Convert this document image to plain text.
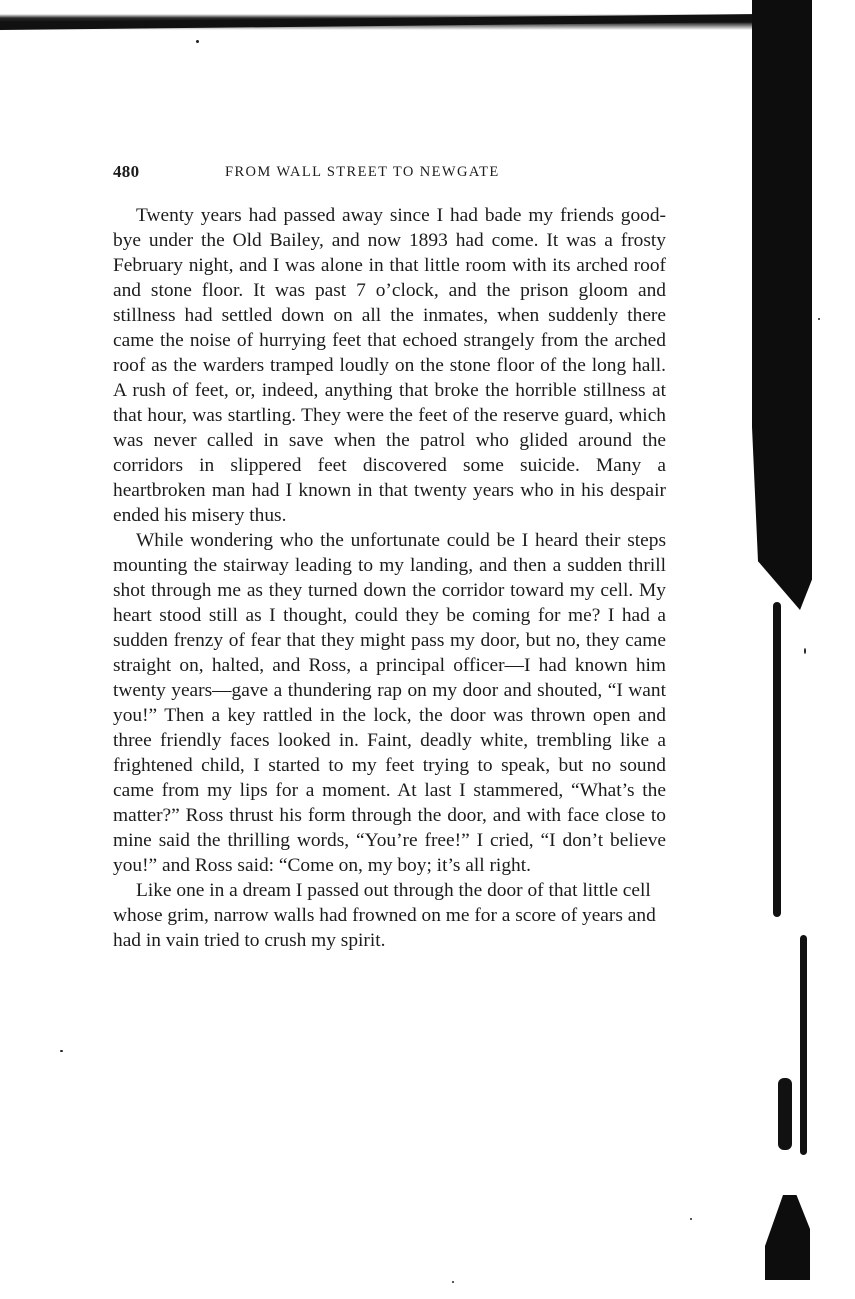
480	FROM WALL STREET TO NEWGATE

Twenty years had passed away since I had bade my friends good-bye under the Old Bailey, and now 1893 had come. It was a frosty February night, and I was alone in that little room with its arched roof and stone floor. It was past 7 o’clock, and the prison gloom and stillness had settled down on all the inmates, when suddenly there came the noise of hurrying feet that echoed strangely from the arched roof as the warders tramped loudly on the stone floor of the long hall. A rush of feet, or, indeed, anything that broke the horrible stillness at that hour, was startling. They were the feet of the reserve guard, which was never called in save when the patrol who glided around the corridors in slippered feet discovered some suicide. Many a heartbroken man had I known in that twenty years who in his despair ended his misery thus.

While wondering who the unfortunate could be I heard their steps mounting the stairway leading to my landing, and then a sudden thrill shot through me as they turned down the corridor toward my cell. My heart stood still as I thought, could they be coming for me? I had a sudden frenzy of fear that they might pass my door, but no, they came straight on, halted, and Ross, a principal officer—I had known him twenty years—gave a thundering rap on my door and shouted, “I want you!” Then a key rattled in the lock, the door was thrown open and three friendly faces looked in. Faint, deadly white, trembling like a frightened child, I started to my feet trying to speak, but no sound came from my lips for a moment. At last I stammered, “What’s the matter?” Ross thrust his form through the door, and with face close to mine said the thrilling words, “You’re free!” I cried, “I don’t believe you!” and Ross said: “Come on, my boy; it’s all right.

Like one in a dream I passed out through the door of that little cell whose grim, narrow walls had frowned on me for a score of years and had in vain tried to crush my spirit.
